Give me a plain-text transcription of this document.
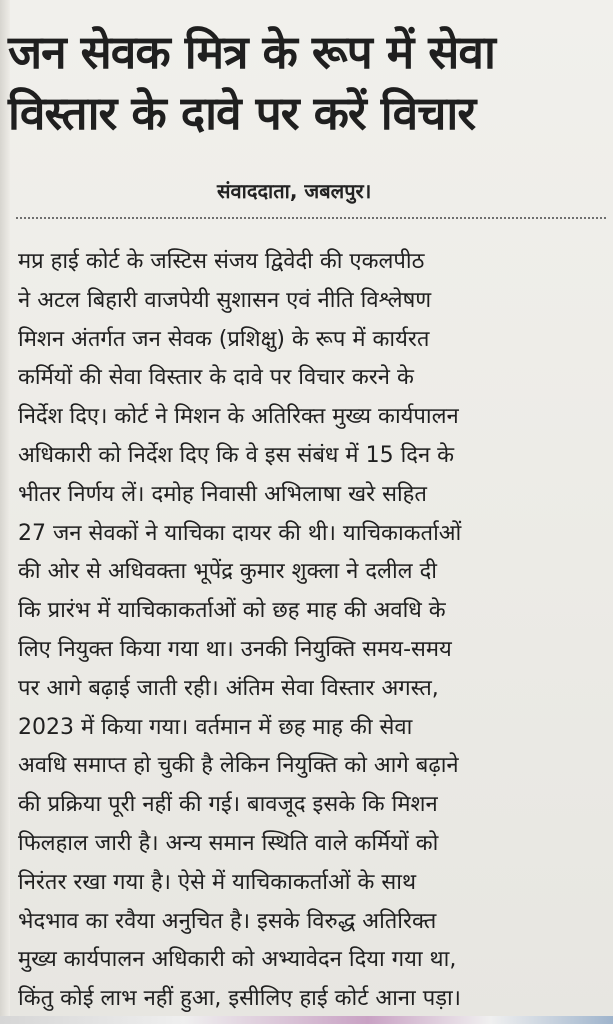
जन सेवक मित्र के रूप में सेवा
विस्तार के दावे पर करें विचार
संवाददाता, जबलपुर।
मप्र हाई कोर्ट के जस्टिस संजय द्विवेदी की एकलपीठ
ने अटल बिहारी वाजपेयी सुशासन एवं नीति विश्लेषण
मिशन अंतर्गत जन सेवक (प्रशिक्षु) के रूप में कार्यरत
कर्मियों की सेवा विस्तार के दावे पर विचार करने के
निर्देश दिए। कोर्ट ने मिशन के अतिरिक्त मुख्य कार्यपालन
अधिकारी को निर्देश दिए कि वे इस संबंध में 15 दिन के
भीतर निर्णय लें। दमोह निवासी अभिलाषा खरे सहित
27 जन सेवकों ने याचिका दायर की थी। याचिकाकर्ताओं
की ओर से अधिवक्ता भूपेंद्र कुमार शुक्ला ने दलील दी
कि प्रारंभ में याचिकाकर्ताओं को छह माह की अवधि के
लिए नियुक्त किया गया था। उनकी नियुक्ति समय-समय
पर आगे बढ़ाई जाती रही। अंतिम सेवा विस्तार अगस्त,
2023 में किया गया। वर्तमान में छह माह की सेवा
अवधि समाप्त हो चुकी है लेकिन नियुक्ति को आगे बढ़ाने
की प्रक्रिया पूरी नहीं की गई। बावजूद इसके कि मिशन
फिलहाल जारी है। अन्य समान स्थिति वाले कर्मियों को
निरंतर रखा गया है। ऐसे में याचिकाकर्ताओं के साथ
भेदभाव का रवैया अनुचित है। इसके विरुद्ध अतिरिक्त
मुख्य कार्यपालन अधिकारी को अभ्यावेदन दिया गया था,
किंतु कोई लाभ नहीं हुआ, इसीलिए हाई कोर्ट आना पड़ा।
